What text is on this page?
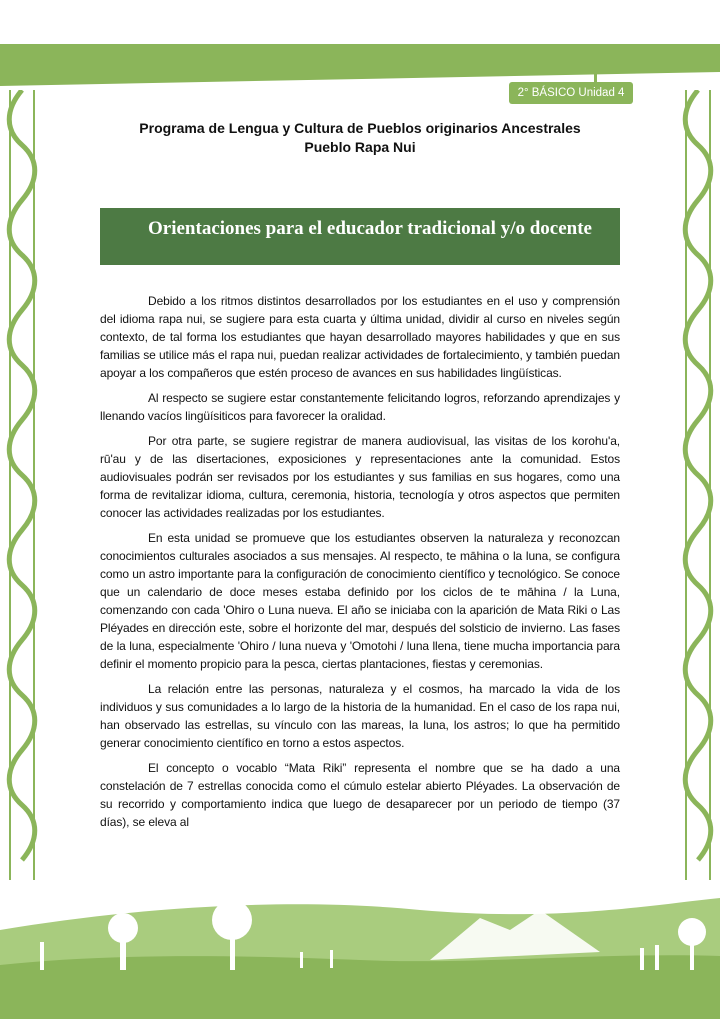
2° BÁSICO Unidad 4
Programa de Lengua y Cultura de Pueblos originarios Ancestrales
Pueblo Rapa Nui
Orientaciones para el educador tradicional y/o docente

Debido a los ritmos distintos desarrollados por los estudiantes en el uso y comprensión del idioma rapa nui, se sugiere para esta cuarta y última unidad, dividir al curso en niveles según contexto, de tal forma los estudiantes que hayan desarrollado mayores habilidades y que en sus familias se utilice más el rapa nui, puedan realizar actividades de fortalecimiento, y también puedan apoyar a los compañeros que estén proceso de avances en sus habilidades lingüísticas.

Al respecto se sugiere estar constantemente felicitando logros, reforzando aprendizajes y llenando vacíos lingüísiticos para favorecer la oralidad.

Por otra parte, se sugiere registrar de manera audiovisual, las visitas de los korohu'a, rū'au y de las disertaciones, exposiciones y representaciones ante la comunidad. Estos audiovisuales podrán ser revisados por los estudiantes y sus familias en sus hogares, como una forma de revitalizar idioma, cultura, ceremonia, historia, tecnología y otros aspectos que permiten conocer las actividades realizadas por los estudiantes.

En esta unidad se promueve que los estudiantes observen la naturaleza y reconozcan conocimientos culturales asociados a sus mensajes. Al respecto, te māhina o la luna, se configura como un astro importante para la configuración de conocimiento científico y tecnológico. Se conoce que un calendario de doce meses estaba definido por los ciclos de te māhina / la Luna, comenzando con cada 'Ohiro o Luna nueva. El año se iniciaba con la aparición de Mata Riki o Las Pléyades en dirección este, sobre el horizonte del mar, después del solsticio de invierno. Las fases de la luna, especialmente 'Ohiro / luna nueva y 'Omotohi / luna llena, tiene mucha importancia para definir el momento propicio para la pesca, ciertas plantaciones, fiestas y ceremonias.

La relación entre las personas, naturaleza y el cosmos, ha marcado la vida de los individuos y sus comunidades a lo largo de la historia de la humanidad. En el caso de los rapa nui, han observado las estrellas, su vínculo con las mareas, la luna, los astros; lo que ha permitido generar conocimiento científico en torno a estos aspectos.

El concepto o vocablo “Mata Riki” representa el nombre que se ha dado a una constelación de 7 estrellas conocida como el cúmulo estelar abierto Pléyades. La observación de su recorrido y comportamiento indica que luego de desaparecer por un periodo de tiempo (37 días), se eleva al
